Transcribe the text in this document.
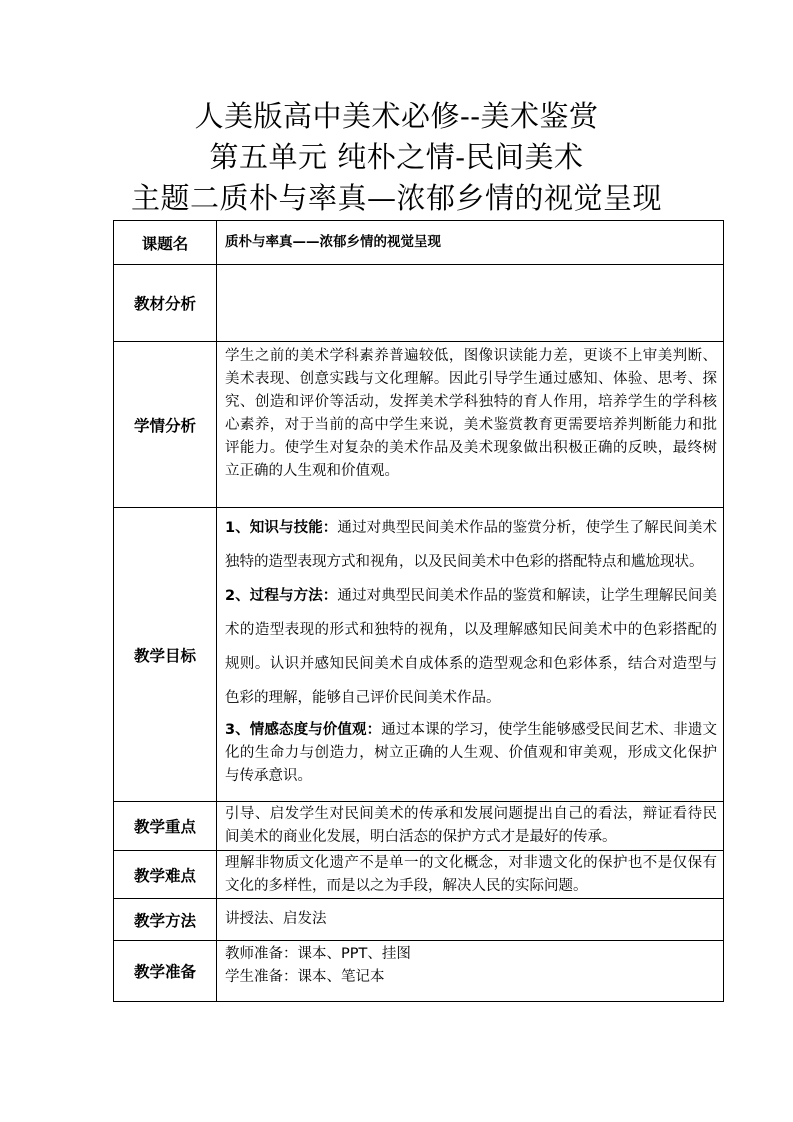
人美版高中美术必修--美术鉴赏
第五单元 纯朴之情-民间美术
主题二质朴与率真—浓郁乡情的视觉呈现
课题名	质朴与率真——浓郁乡情的视觉呈现
教材分析	
学情分析	学生之前的美术学科素养普遍较低，图像识读能力差，更谈不上审美判断、美术表现、创意实践与文化理解。因此引导学生通过感知、体验、思考、探究、创造和评价等活动，发挥美术学科独特的育人作用，培养学生的学科核心素养，对于当前的高中学生来说，美术鉴赏教育更需要培养判断能力和批评能力。使学生对复杂的美术作品及美术现象做出积极正确的反映，最终树立正确的人生观和价值观。

教学目标	1、知识与技能：通过对典型民间美术作品的鉴赏分析，使学生了解民间美术独特的造型表现方式和视角，以及民间美术中色彩的搭配特点和尴尬现状。
2、过程与方法：通过对典型民间美术作品的鉴赏和解读，让学生理解民间美术的造型表现的形式和独特的视角，以及理解感知民间美术中的色彩搭配的规则。认识并感知民间美术自成体系的造型观念和色彩体系，结合对造型与色彩的理解，能够自己评价民间美术作品。
3、情感态度与价值观：通过本课的学习，使学生能够感受民间艺术、非遗文化的生命力与创造力，树立正确的人生观、价值观和审美观，形成文化保护与传承意识。

教学重点	引导、启发学生对民间美术的传承和发展问题提出自己的看法，辩证看待民间美术的商业化发展，明白活态的保护方式才是最好的传承。
教学难点	理解非物质文化遗产不是单一的文化概念，对非遗文化的保护也不是仅保有文化的多样性，而是以之为手段，解决人民的实际问题。
教学方法	讲授法、启发法
教学准备	教师准备：课本、PPT、挂图
学生准备：课本、笔记本
